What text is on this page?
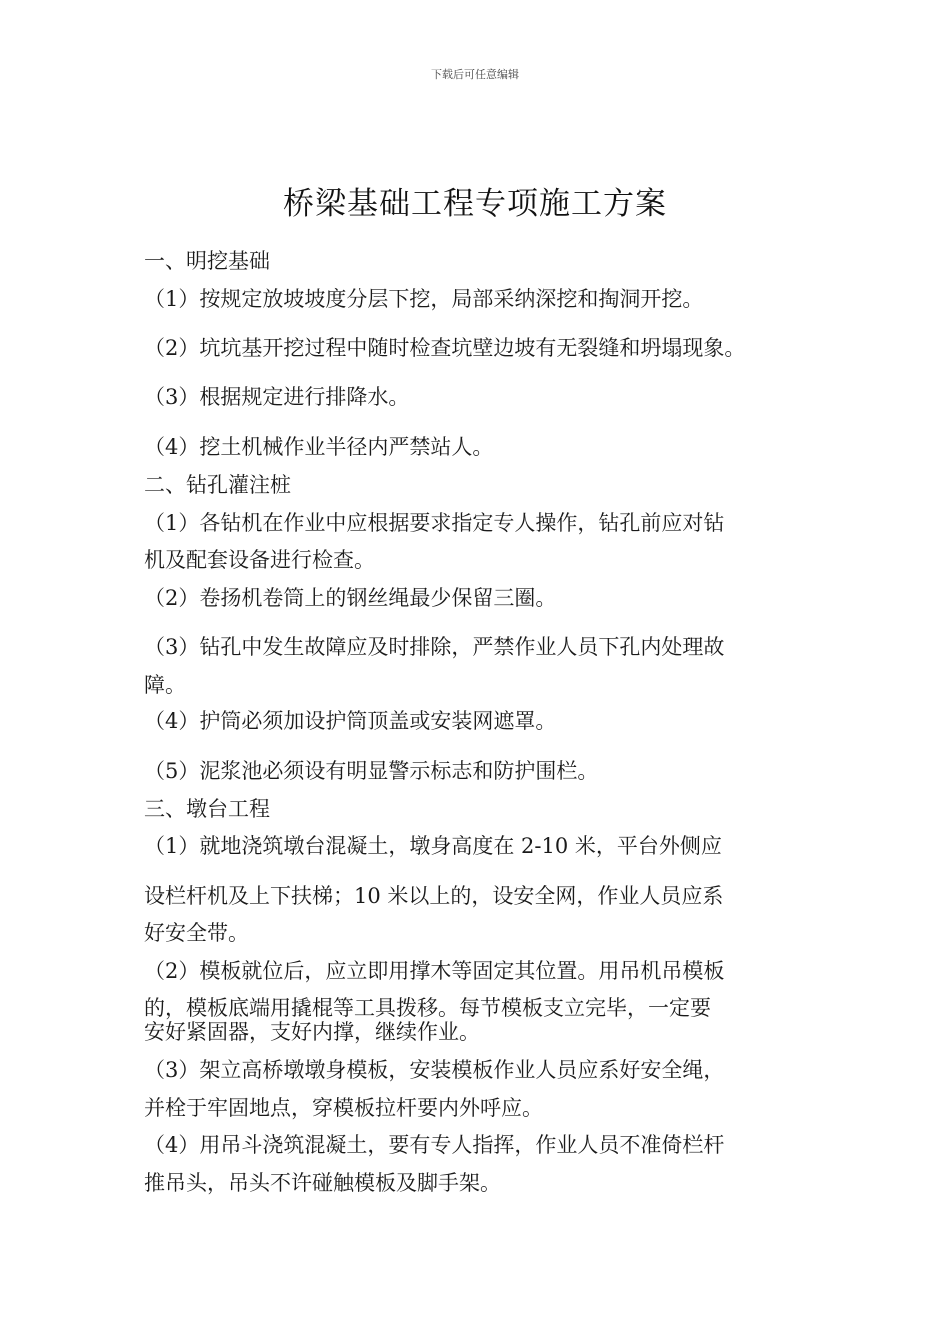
下载后可任意编辑
桥梁基础工程专项施工方案
一、明挖基础
（1）按规定放坡坡度分层下挖，局部采纳深挖和掏洞开挖。
（2）坑坑基开挖过程中随时检查坑壁边坡有无裂缝和坍塌现象。
（3）根据规定进行排降水。
（4）挖土机械作业半径内严禁站人。
二、钻孔灌注桩
（1）各钻机在作业中应根据要求指定专人操作，钻孔前应对钻
机及配套设备进行检查。
（2）卷扬机卷筒上的钢丝绳最少保留三圈。
（3）钻孔中发生故障应及时排除，严禁作业人员下孔内处理故
障。
（4）护筒必须加设护筒顶盖或安装网遮罩。
（5）泥浆池必须设有明显警示标志和防护围栏。
三、墩台工程
（1）就地浇筑墩台混凝土，墩身高度在 2-10 米，平台外侧应
设栏杆机及上下扶梯；10 米以上的，设安全网，作业人员应系
好安全带。
（2）模板就位后，应立即用撑木等固定其位置。用吊机吊模板
的，模板底端用撬棍等工具拨移。每节模板支立完毕，一定要
安好紧固器，支好内撑，继续作业。
（3）架立高桥墩墩身模板，安装模板作业人员应系好安全绳，
并栓于牢固地点，穿模板拉杆要内外呼应。
（4）用吊斗浇筑混凝土，要有专人指挥，作业人员不准倚栏杆
推吊头，吊头不许碰触模板及脚手架。
